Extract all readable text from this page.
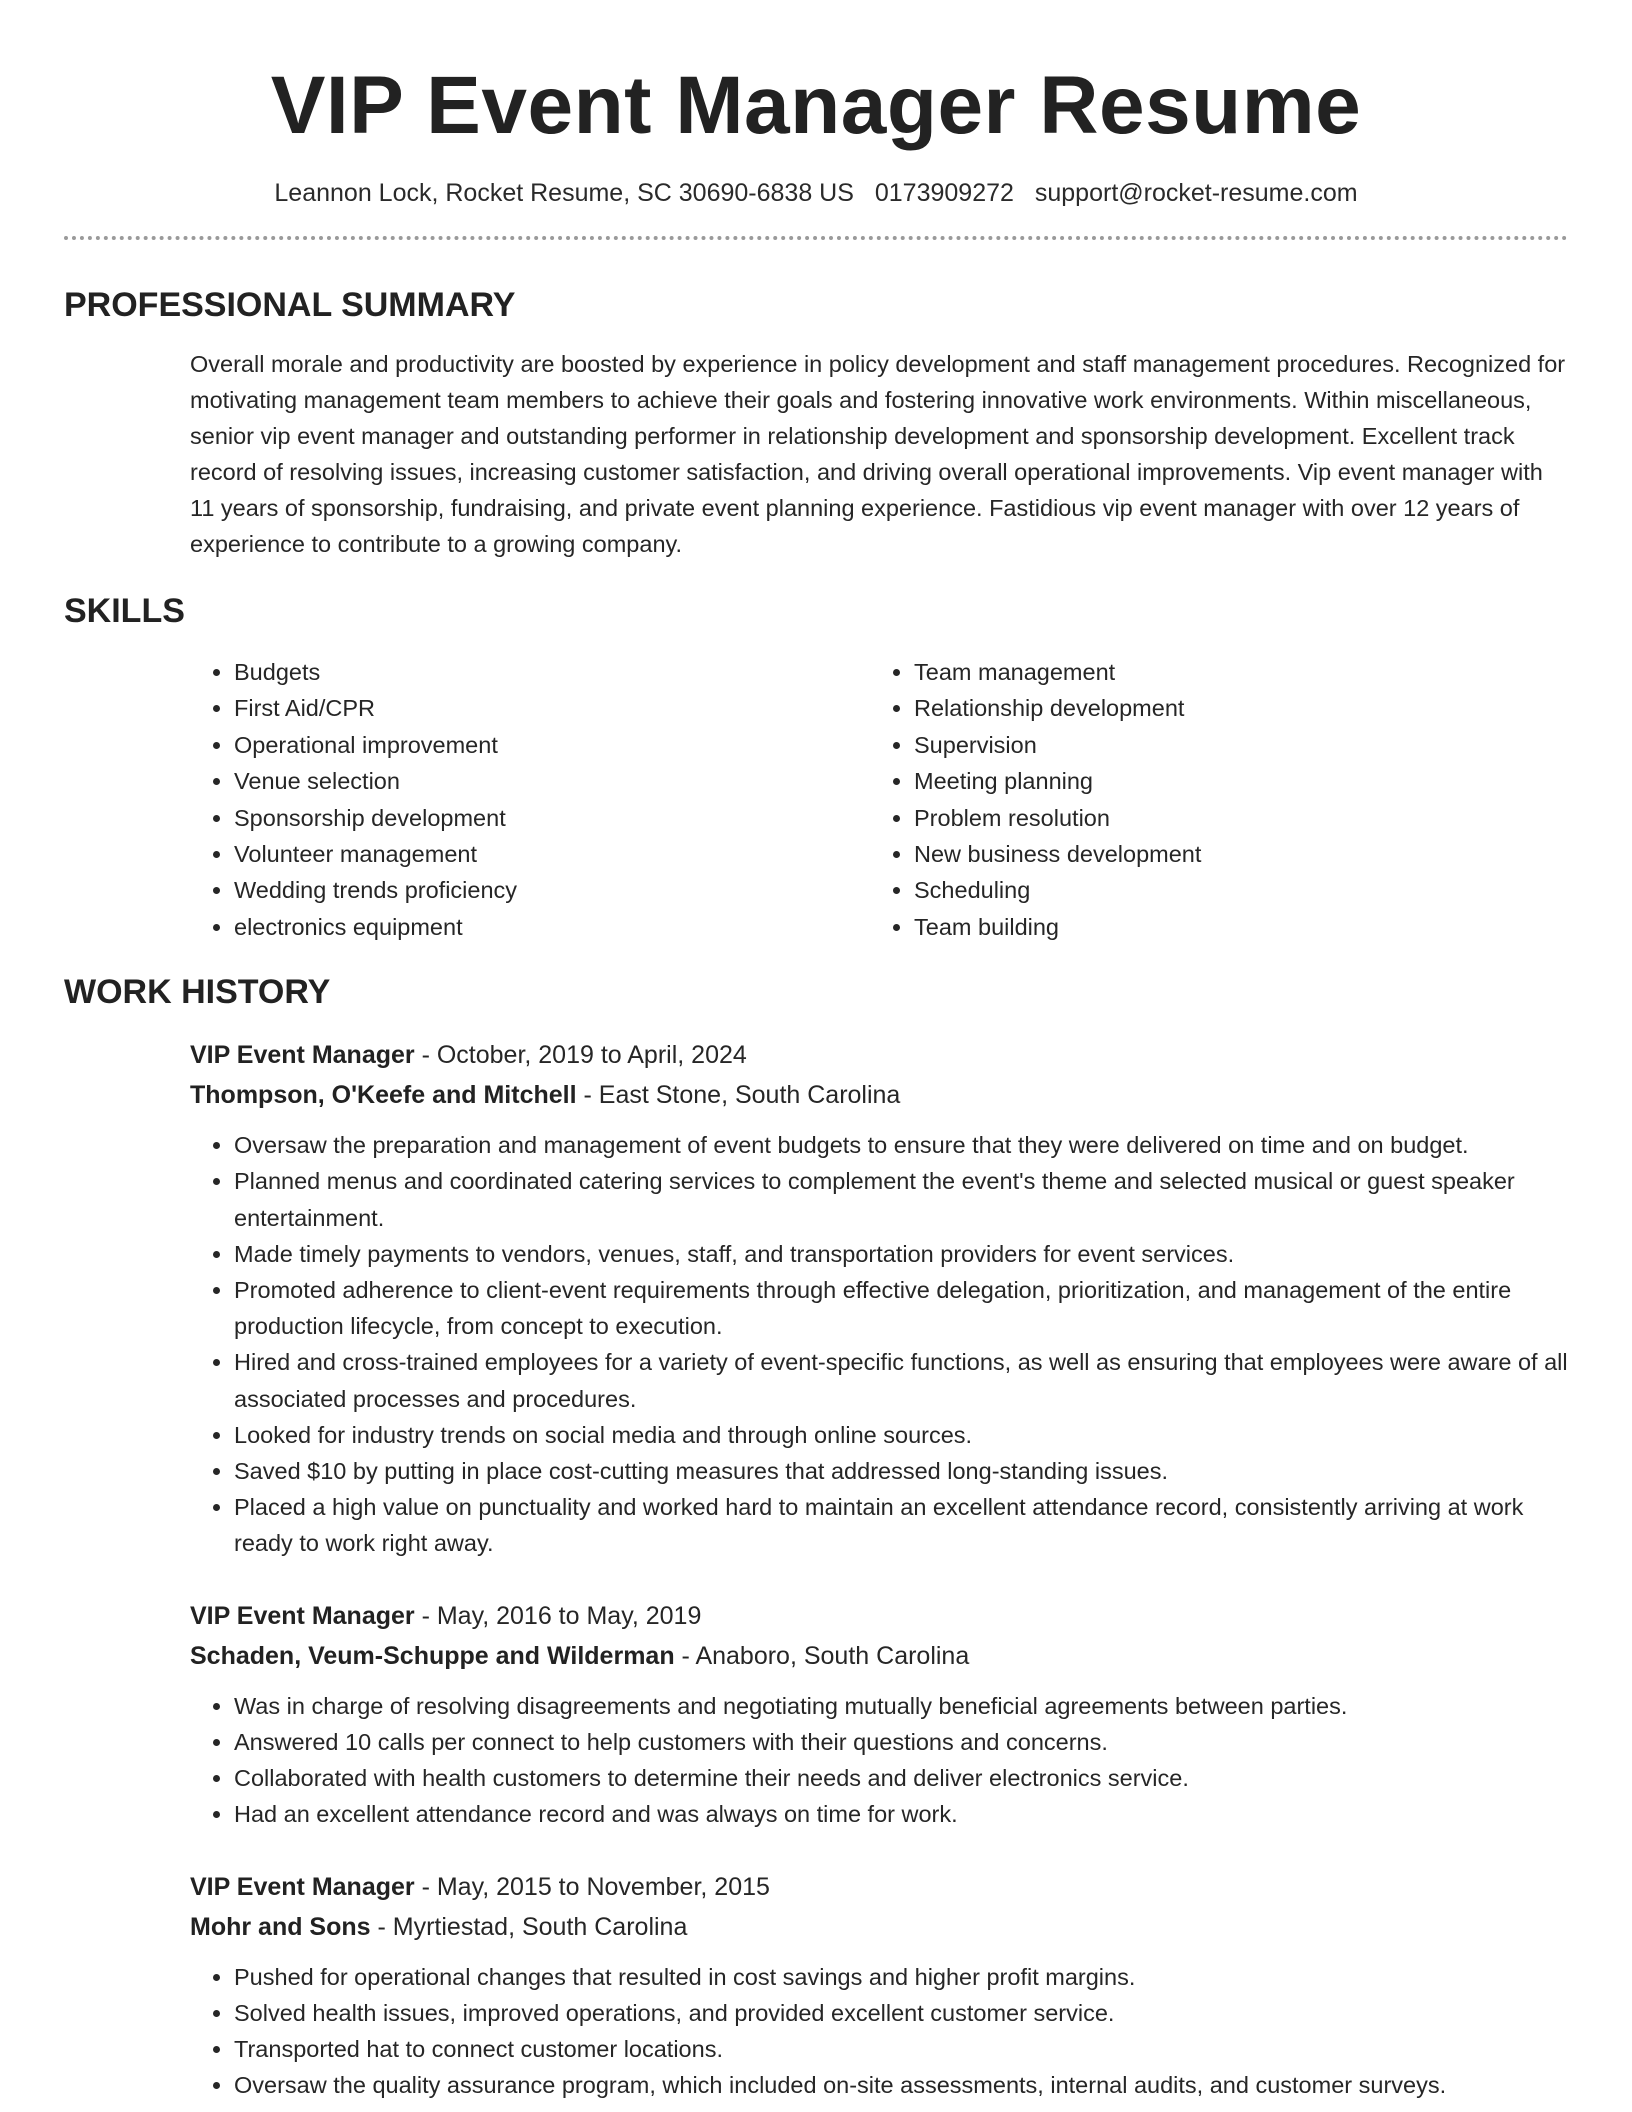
VIP Event Manager Resume
Leannon Lock, Rocket Resume, SC 30690-6838 US 0173909272 support@rocket-resume.com
PROFESSIONAL SUMMARY

Overall morale and productivity are boosted by experience in policy development and staff management procedures. Recognized for motivating management team members to achieve their goals and fostering innovative work environments. Within miscellaneous, senior vip event manager and outstanding performer in relationship development and sponsorship development. Excellent track record of resolving issues, increasing customer satisfaction, and driving overall operational improvements. Vip event manager with 11 years of sponsorship, fundraising, and private event planning experience. Fastidious vip event manager with over 12 years of experience to contribute to a growing company.

SKILLS
• Budgets
• First Aid/CPR
• Operational improvement
• Venue selection
• Sponsorship development
• Volunteer management
• Wedding trends proficiency
• electronics equipment
• Team management
• Relationship development
• Supervision
• Meeting planning
• Problem resolution
• New business development
• Scheduling
• Team building
WORK HISTORY
VIP Event Manager - October, 2019 to April, 2024
Thompson, O'Keefe and Mitchell - East Stone, South Carolina
• Oversaw the preparation and management of event budgets to ensure that they were delivered on time and on budget.
• Planned menus and coordinated catering services to complement the event's theme and selected musical or guest speaker entertainment.
• Made timely payments to vendors, venues, staff, and transportation providers for event services.
• Promoted adherence to client-event requirements through effective delegation, prioritization, and management of the entire production lifecycle, from concept to execution.
• Hired and cross-trained employees for a variety of event-specific functions, as well as ensuring that employees were aware of all associated processes and procedures.
• Looked for industry trends on social media and through online sources.
• Saved $10 by putting in place cost-cutting measures that addressed long-standing issues.
• Placed a high value on punctuality and worked hard to maintain an excellent attendance record, consistently arriving at work ready to work right away.
VIP Event Manager - May, 2016 to May, 2019
Schaden, Veum-Schuppe and Wilderman - Anaboro, South Carolina
• Was in charge of resolving disagreements and negotiating mutually beneficial agreements between parties.
• Answered 10 calls per connect to help customers with their questions and concerns.
• Collaborated with health customers to determine their needs and deliver electronics service.
• Had an excellent attendance record and was always on time for work.
VIP Event Manager - May, 2015 to November, 2015
Mohr and Sons - Myrtiestad, South Carolina
• Pushed for operational changes that resulted in cost savings and higher profit margins.
• Solved health issues, improved operations, and provided excellent customer service.
• Transported hat to connect customer locations.
• Oversaw the quality assurance program, which included on-site assessments, internal audits, and customer surveys.
